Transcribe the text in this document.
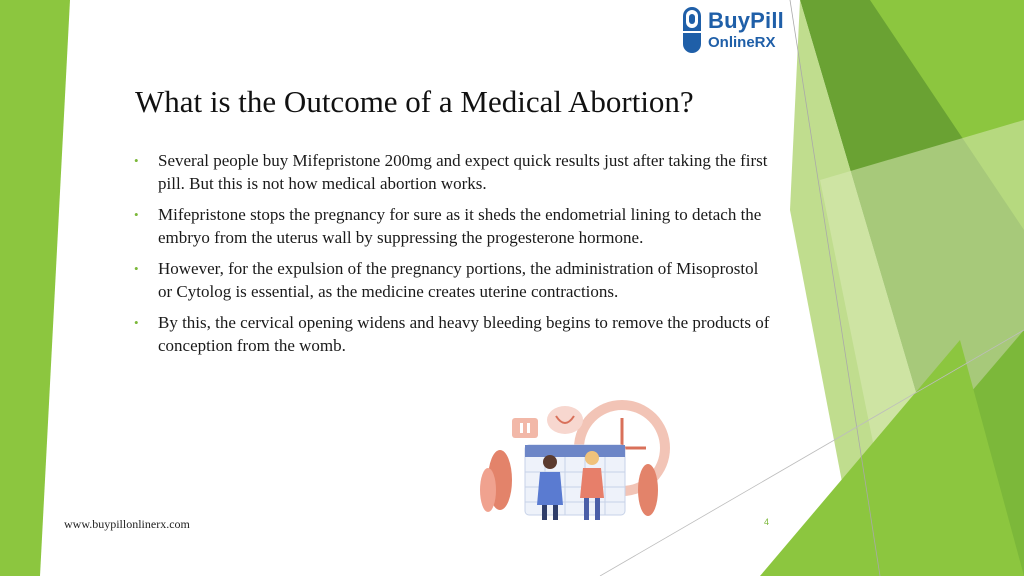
BuyPill
OnlineRX
What is the Outcome of a Medical Abortion?
• Several people buy Mifepristone 200mg and expect quick results just after taking the first pill. But this is not how medical abortion works.
• Mifepristone stops the pregnancy for sure as it sheds the endometrial lining to detach the embryo from the uterus wall by suppressing the progesterone hormone.
• However, for the expulsion of the pregnancy portions, the administration of Misoprostol or Cytolog is essential, as the medicine creates uterine contractions.
• By this, the cervical opening widens and heavy bleeding begins to remove the products of conception from the womb.
www.buypillonlinerx.com	4
